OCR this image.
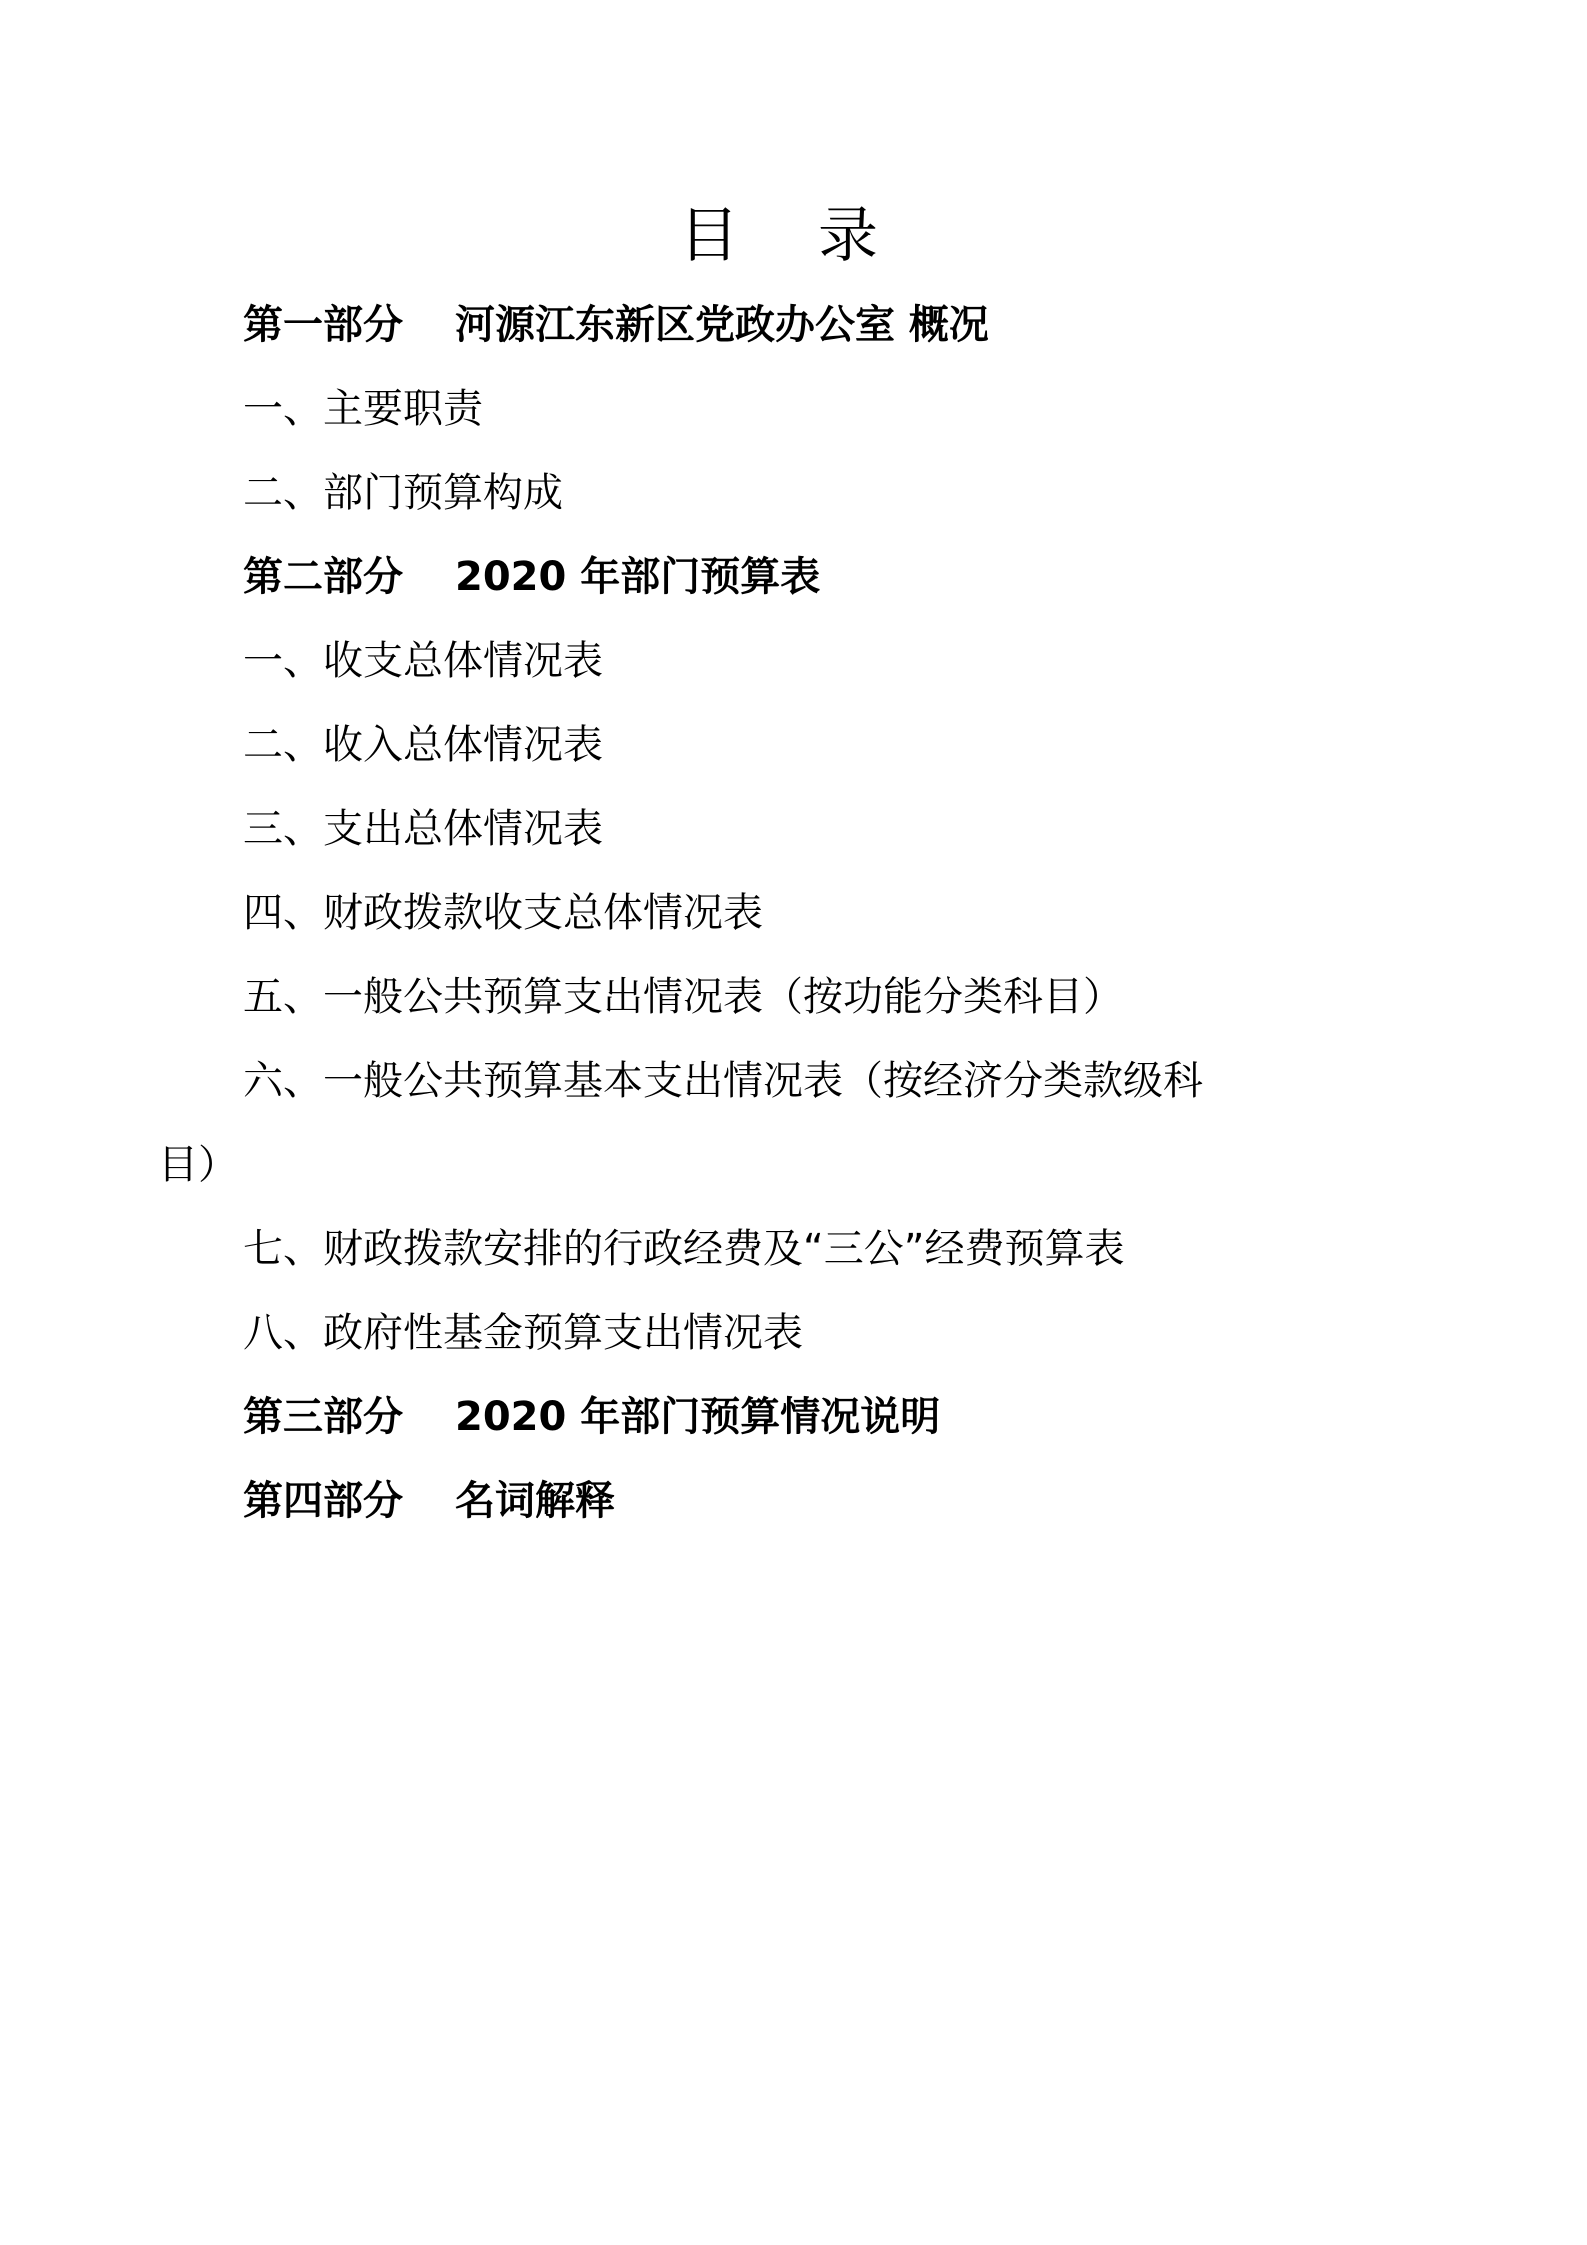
目 录
第一部分 河源江东新区党政办公室 概况
一、主要职责
二、部门预算构成
第二部分 2020 年部门预算表
一、收支总体情况表
二、收入总体情况表
三、支出总体情况表
四、财政拨款收支总体情况表
五、一般公共预算支出情况表（按功能分类科目）
六、一般公共预算基本支出情况表（按经济分类款级科
目）
七、财政拨款安排的行政经费及“三公”经费预算表
八、政府性基金预算支出情况表
第三部分 2020 年部门预算情况说明
第四部分 名词解释
